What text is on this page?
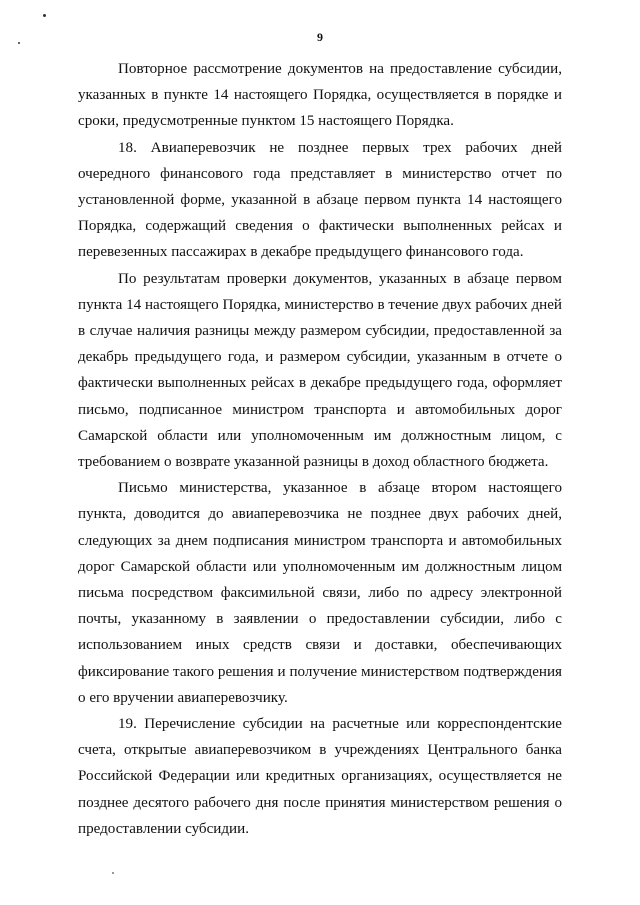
9

Повторное рассмотрение документов на предоставление субсидии, указанных в пункте 14 настоящего Порядка, осуществляется в порядке и сроки, предусмотренные пунктом 15 настоящего Порядка.

18. Авиаперевозчик не позднее первых трех рабочих дней очередного финансового года представляет в министерство отчет по установленной форме, указанной в абзаце первом пункта 14 настоящего Порядка, содержащий сведения о фактически выполненных рейсах и перевезенных пассажирах в декабре предыдущего финансового года.

По результатам проверки документов, указанных в абзаце первом пункта 14 настоящего Порядка, министерство в течение двух рабочих дней в случае наличия разницы между размером субсидии, предоставленной за декабрь предыдущего года, и размером субсидии, указанным в отчете о фактически выполненных рейсах в декабре предыдущего года, оформляет письмо, подписанное министром транспорта и автомобильных дорог Самарской области или уполномоченным им должностным лицом, с требованием о возврате указанной разницы в доход областного бюджета.

Письмо министерства, указанное в абзаце втором настоящего пункта, доводится до авиаперевозчика не позднее двух рабочих дней, следующих за днем подписания министром транспорта и автомобильных дорог Самарской области или уполномоченным им должностным лицом письма посредством факсимильной связи, либо по адресу электронной почты, указанному в заявлении о предоставлении субсидии, либо с использованием иных средств связи и доставки, обеспечивающих фиксирование такого решения и получение министерством подтверждения о его вручении авиаперевозчику.

19. Перечисление субсидии на расчетные или корреспондентские счета, открытые авиаперевозчиком в учреждениях Центрального банка Российской Федерации или кредитных организациях, осуществляется не позднее десятого рабочего дня после принятия министерством решения о предоставлении субсидии.
